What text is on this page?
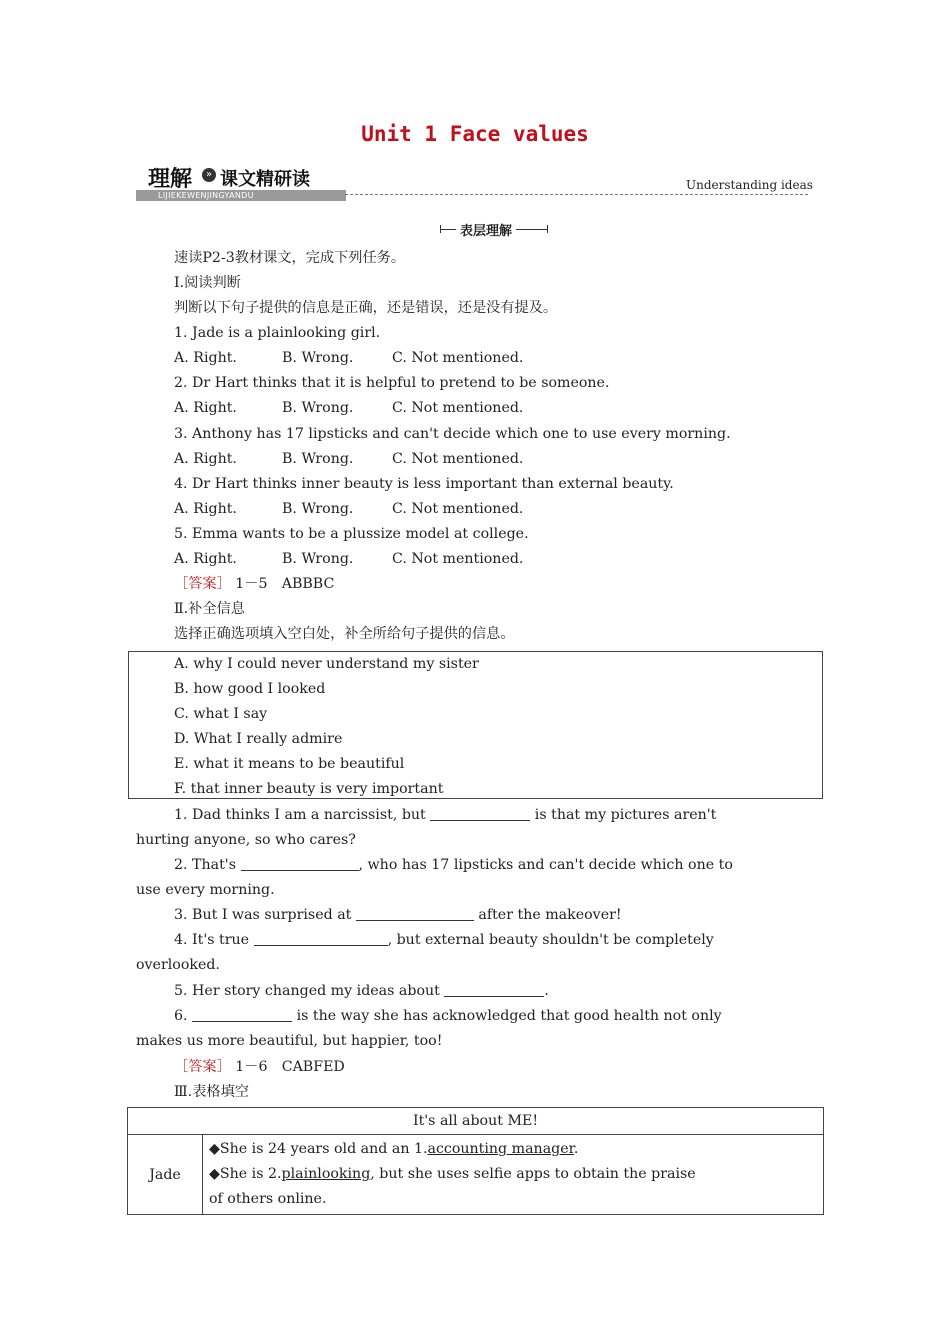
Unit 1 Face values
理解	» 课文精研读
LIJIEKEWENJINGYANDU
Understanding ideas
表层理解
速读P2-3教材课文，完成下列任务。
Ⅰ.阅读判断
判断以下句子提供的信息是正确，还是错误，还是没有提及。
1. Jade is a plainlooking girl.
A. Right.	B. Wrong.	C. Not mentioned.
2. Dr Hart thinks that it is helpful to pretend to be someone.
A. Right.	B. Wrong.	C. Not mentioned.
3. Anthony has 17 lipsticks and can't decide which one to use every morning.
A. Right.	B. Wrong.	C. Not mentioned.
4. Dr Hart thinks inner beauty is less important than external beauty.
A. Right.	B. Wrong.	C. Not mentioned.
5. Emma wants to be a plussize model at college.
A. Right.	B. Wrong.	C. Not mentioned.
［答案］ 1－5　ABBBC
Ⅱ.补全信息
选择正确选项填入空白处，补全所给句子提供的信息。
A. why I could never understand my sister
B. how good I looked
C. what I say
D. What I really admire
E. what it means to be beautiful
F. that inner beauty is very important
1. Dad thinks I am a narcissist, but	is that my pictures aren't
hurting anyone, so who cares?
2. That's	, who has 17 lipsticks and can't decide which one to
use every morning.
3. But I was surprised at	after the makeover!
4. It's true	, but external beauty shouldn't be completely
overlooked.
5. Her story changed my ideas about	.
6.	is the way she has acknowledged that good health not only
makes us more beautiful, but happier, too!
［答案］ 1－6　CABFED
Ⅲ.表格填空
It's all about ME!
Jade	◆She is 24 years old and an 1.accounting manager.
◆She is 2.plainlooking, but she uses selfie apps to obtain the praise
of others online.
